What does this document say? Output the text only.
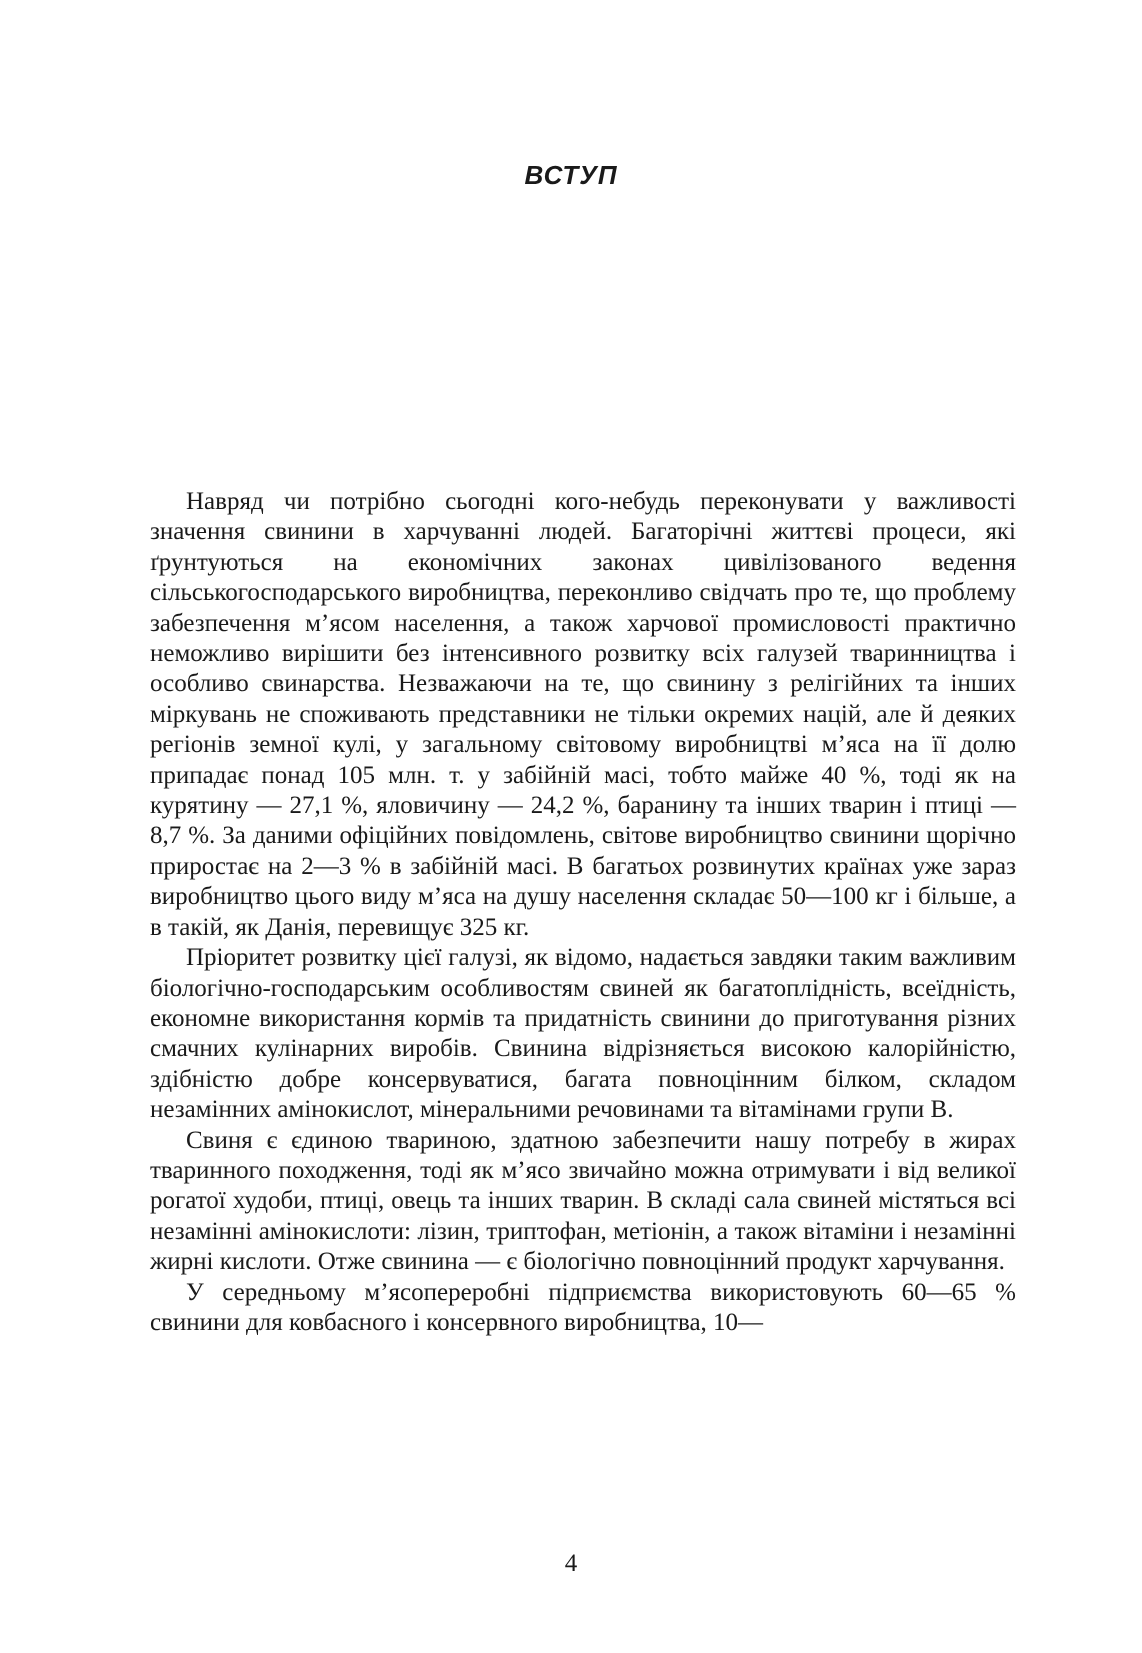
ВСТУП

Навряд чи потрібно сьогодні кого-небудь переконувати у важливості значення свинини в харчуванні людей. Багаторічні життєві процеси, які ґрунтуються на економічних законах цивілізованого ведення сільськогосподарського виробництва, переконливо свідчать про те, що проблему забезпечення м’ясом населення, а також харчової промисловості практично неможливо вирішити без інтенсивного розвитку всіх галузей тваринництва і особливо свинарства. Незважаючи на те, що свинину з релігійних та інших міркувань не споживають представники не тільки окремих націй, але й деяких регіонів земної кулі, у загальному світовому виробництві м’яса на її долю припадає понад 105 млн. т. у забійній масі, тобто майже 40 %, тоді як на курятину — 27,1 %, яловичину — 24,2 %, баранину та інших тварин і птиці — 8,7 %. За даними офіційних повідомлень, світове виробництво свинини щорічно приростає на 2—3 % в забійній масі. В багатьох розвинутих країнах уже зараз виробництво цього виду м’яса на душу населення складає 50—100 кг і більше, а в такій, як Данія, перевищує 325 кг.

Пріоритет розвитку цієї галузі, як відомо, надається завдяки таким важливим біологічно-господарським особливостям свиней як багатоплідність, всеїдність, економне використання кормів та придатність свинини до приготування різних смачних кулінарних виробів. Свинина відрізняється високою калорійністю, здібністю добре консервуватися, багата повноцінним білком, складом незамінних амінокислот, мінеральними речовинами та вітамінами групи В.

Свиня є єдиною твариною, здатною забезпечити нашу потребу в жирах тваринного походження, тоді як м’ясо звичайно можна отримувати і від великої рогатої худоби, птиці, овець та інших тварин. В складі сала свиней містяться всі незамінні амінокислоти: лізин, триптофан, метіонін, а також вітаміни і незамінні жирні кислоти. Отже свинина — є біологічно повноцінний продукт харчування.

У середньому м’ясопереробні підприємства використовують 60—65 % свинини для ковбасного і консервного виробництва, 10—

4
